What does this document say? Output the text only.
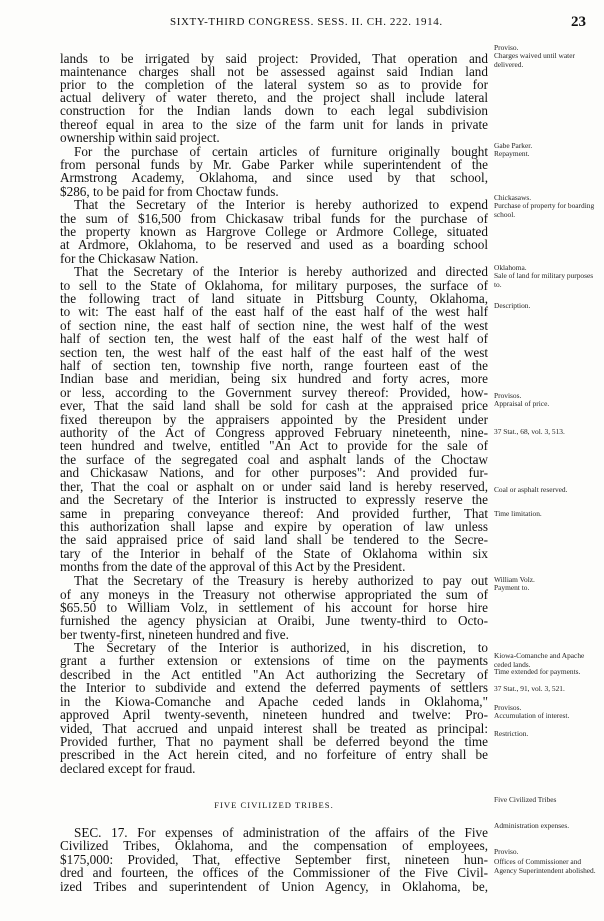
SIXTY-THIRD CONGRESS. SESS. II. CH. 222. 1914.	23
lands to be irrigated by said project: Provided, That operation and
maintenance charges shall not be assessed against said Indian land
prior to the completion of the lateral system so as to provide for
actual delivery of water thereto, and the project shall include lateral
construction for the Indian lands down to each legal subdivision
thereof equal in area to the size of the farm unit for lands in private
ownership within said project.
For the purchase of certain articles of furniture originally bought
from personal funds by Mr. Gabe Parker while superintendent of the
Armstrong Academy, Oklahoma, and since used by that school,
$286, to be paid for from Choctaw funds.
That the Secretary of the Interior is hereby authorized to expend
the sum of $16,500 from Chickasaw tribal funds for the purchase of
the property known as Hargrove College or Ardmore College, situated
at Ardmore, Oklahoma, to be reserved and used as a boarding school
for the Chickasaw Nation.
That the Secretary of the Interior is hereby authorized and directed
to sell to the State of Oklahoma, for military purposes, the surface of
the following tract of land situate in Pittsburg County, Oklahoma,
to wit: The east half of the east half of the east half of the west half
of section nine, the east half of section nine, the west half of the west
half of section ten, the west half of the east half of the west half of
section ten, the west half of the east half of the east half of the west
half of section ten, township five north, range fourteen east of the
Indian base and meridian, being six hundred and forty acres, more
or less, according to the Government survey thereof: Provided, how-
ever, That the said land shall be sold for cash at the appraised price
fixed thereupon by the appraisers appointed by the President under
authority of the Act of Congress approved February nineteenth, nine-
teen hundred and twelve, entitled "An Act to provide for the sale of
the surface of the segregated coal and asphalt lands of the Choctaw
and Chickasaw Nations, and for other purposes": And provided fur-
ther, That the coal or asphalt on or under said land is hereby reserved,
and the Secretary of the Interior is instructed to expressly reserve the
same in preparing conveyance thereof: And provided further, That
this authorization shall lapse and expire by operation of law unless
the said appraised price of said land shall be tendered to the Secre-
tary of the Interior in behalf of the State of Oklahoma within six
months from the date of the approval of this Act by the President.
That the Secretary of the Treasury is hereby authorized to pay out
of any moneys in the Treasury not otherwise appropriated the sum of
$65.50 to William Volz, in settlement of his account for horse hire
furnished the agency physician at Oraibi, June twenty-third to Octo-
ber twenty-first, nineteen hundred and five.
The Secretary of the Interior is authorized, in his discretion, to
grant a further extension or extensions of time on the payments
described in the Act entitled "An Act authorizing the Secretary of
the Interior to subdivide and extend the deferred payments of settlers
in the Kiowa-Comanche and Apache ceded lands in Oklahoma,"
approved April twenty-seventh, nineteen hundred and twelve: Pro-
vided, That accrued and unpaid interest shall be treated as principal:
Provided further, That no payment shall be deferred beyond the time
prescribed in the Act herein cited, and no forfeiture of entry shall be
declared except for fraud.
FIVE CIVILIZED TRIBES.
SEC. 17. For expenses of administration of the affairs of the Five
Civilized Tribes, Oklahoma, and the compensation of employees,
$175,000: Provided, That, effective September first, nineteen hun-
dred and fourteen, the offices of the Commissioner of the Five Civil-
ized Tribes and superintendent of Union Agency, in Oklahoma, be,
Proviso.
Charges waived until water delivered.
Gabe Parker.
Repayment.
Chickasaws.
Purchase of property for boarding school.
Oklahoma.
Sale of land for military purposes to.
Description.
Provisos.
Appraisal of price.
37 Stat., 68, vol. 3, 513.
Coal or asphalt reserved.
Time limitation.
William Volz.
Payment to.
Kiowa-Comanche and Apache ceded lands.
Time extended for payments.
37 Stat., 91, vol. 3, 521.
Provisos.
Accumulation of interest.
Restriction.
Five Civilized Tribes
Administration expenses.
Proviso.
Offices of Commissioner and Agency Superintendent abolished.
